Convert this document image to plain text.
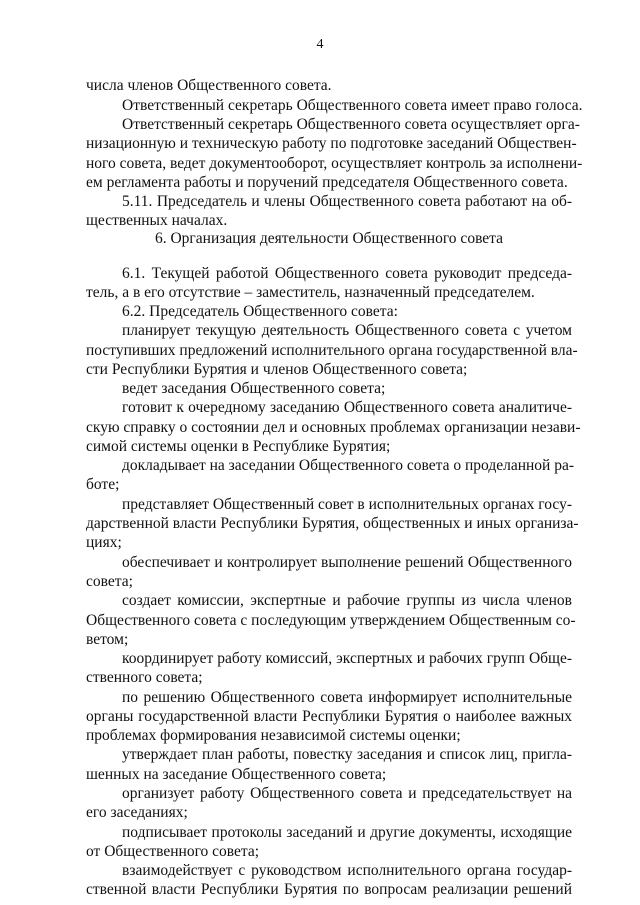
4
числа членов Общественного совета.
Ответственный секретарь Общественного совета имеет право голоса.
Ответственный секретарь Общественного совета осуществляет орга-
низационную и техническую работу по подготовке заседаний Обществен-
ного совета, ведет документооборот, осуществляет контроль за исполнени-
ем регламента работы и поручений председателя Общественного совета.
5.11. Председатель и члены Общественного совета работают на об-
щественных началах.
6. Организация деятельности Общественного совета
6.1. Текущей работой Общественного совета руководит председа-
тель, а в его отсутствие – заместитель, назначенный председателем.
6.2. Председатель Общественного совета:
планирует текущую деятельность Общественного совета с учетом
поступивших предложений исполнительного органа государственной вла-
сти Республики Бурятия и членов Общественного совета;
ведет заседания Общественного совета;
готовит к очередному заседанию Общественного совета аналитиче-
скую справку о состоянии дел и основных проблемах организации незави-
симой системы оценки в Республике Бурятия;
докладывает на заседании Общественного совета о проделанной ра-
боте;
представляет Общественный совет в исполнительных органах госу-
дарственной власти Республики Бурятия, общественных и иных организа-
циях;
обеспечивает и контролирует выполнение решений Общественного
совета;
создает комиссии, экспертные и рабочие группы из числа членов
Общественного совета с последующим утверждением Общественным со-
ветом;
координирует работу комиссий, экспертных и рабочих групп Обще-
ственного совета;
по решению Общественного совета информирует исполнительные
органы государственной власти Республики Бурятия о наиболее важных
проблемах формирования независимой системы оценки;
утверждает план работы, повестку заседания и список лиц, пригла-
шенных на заседание Общественного совета;
организует работу Общественного совета и председательствует на
его заседаниях;
подписывает протоколы заседаний и другие документы, исходящие
от Общественного совета;
взаимодействует с руководством исполнительного органа государ-
ственной власти Республики Бурятия по вопросам реализации решений
